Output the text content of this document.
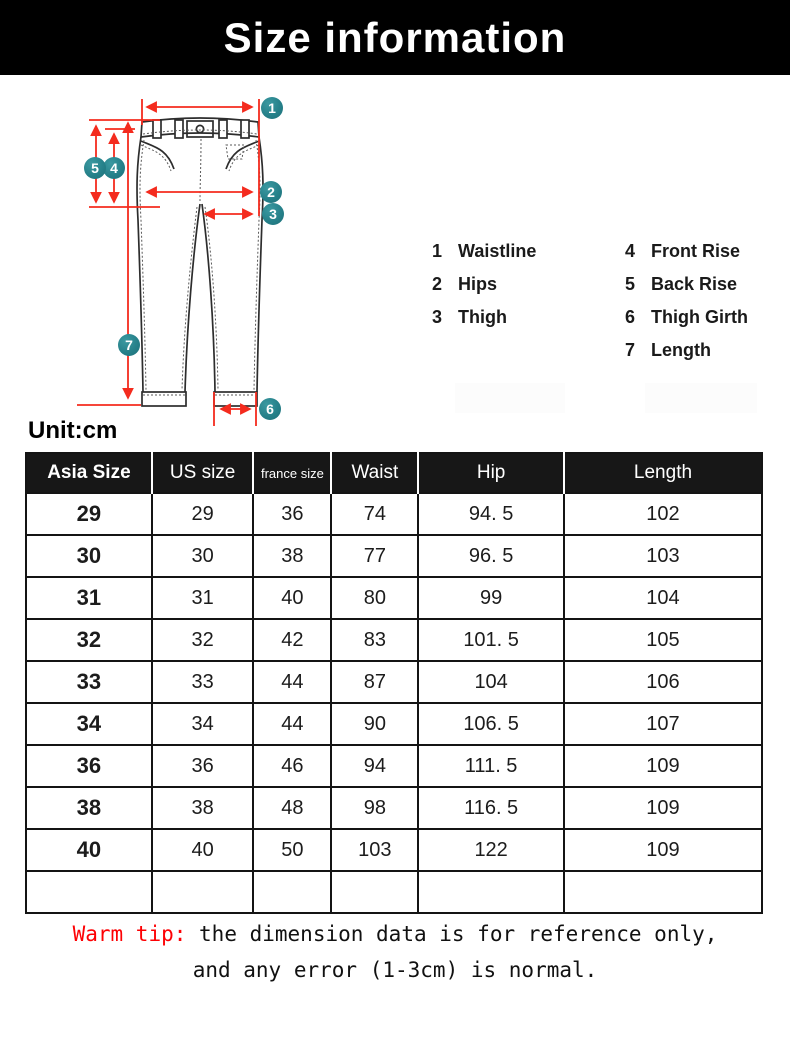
Size information
1
2
3
4
5
6
7
1 Waistline
2 Hips
3 Thigh
4 Front Rise
5 Back Rise
6 Thigh Girth
7 Length
Unit:cm
Asia Size	US size	france size	Waist	Hip	Length
29	29	36	74	94. 5	102
30	30	38	77	96. 5	103
31	31	40	80	99	104
32	32	42	83	101. 5	105
33	33	44	87	104	106
34	34	44	90	106. 5	107
36	36	46	94	111. 5	109
38	38	48	98	116. 5	109
40	40	50	103	122	109

Warm tip: the dimension data is for reference only,
and any error (1-3cm) is normal.
